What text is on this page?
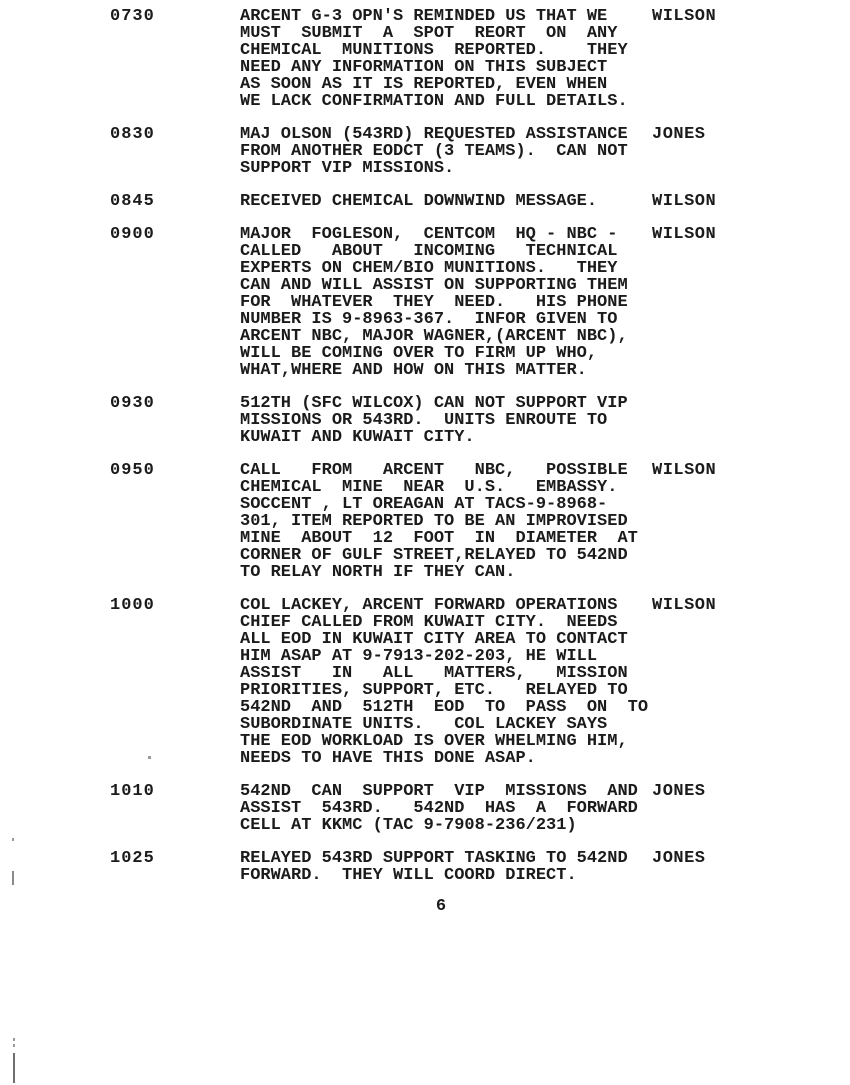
0730	ARCENT G-3 OPN'S REMINDED US THAT WE
MUST  SUBMIT  A  SPOT  REORT  ON  ANY
CHEMICAL  MUNITIONS  REPORTED.    THEY
NEED ANY INFORMATION ON THIS SUBJECT
AS SOON AS IT IS REPORTED, EVEN WHEN
WE LACK CONFIRMATION AND FULL DETAILS.
WILSON
0830	MAJ OLSON (543RD) REQUESTED ASSISTANCE
FROM ANOTHER EODCT (3 TEAMS).  CAN NOT
SUPPORT VIP MISSIONS.
JONES
0845	RECEIVED CHEMICAL DOWNWIND MESSAGE.	WILSON
0900	MAJOR  FOGLESON,  CENTCOM  HQ - NBC -
CALLED   ABOUT   INCOMING   TECHNICAL
EXPERTS ON CHEM/BIO MUNITIONS.   THEY
CAN AND WILL ASSIST ON SUPPORTING THEM
FOR  WHATEVER  THEY  NEED.   HIS PHONE
NUMBER IS 9-8963-367.  INFOR GIVEN TO
ARCENT NBC, MAJOR WAGNER,(ARCENT NBC),
WILL BE COMING OVER TO FIRM UP WHO,
WHAT,WHERE AND HOW ON THIS MATTER.
WILSON
0930	512TH (SFC WILCOX) CAN NOT SUPPORT VIP
MISSIONS OR 543RD.  UNITS ENROUTE TO
KUWAIT AND KUWAIT CITY.
0950	CALL   FROM   ARCENT   NBC,   POSSIBLE
CHEMICAL  MINE  NEAR  U.S.   EMBASSY.
SOCCENT , LT OREAGAN AT TACS-9-8968-
301, ITEM REPORTED TO BE AN IMPROVISED
MINE  ABOUT  12  FOOT  IN  DIAMETER  AT
CORNER OF GULF STREET,RELAYED TO 542ND
TO RELAY NORTH IF THEY CAN.
WILSON
1000	COL LACKEY, ARCENT FORWARD OPERATIONS
CHIEF CALLED FROM KUWAIT CITY.  NEEDS
ALL EOD IN KUWAIT CITY AREA TO CONTACT
HIM ASAP AT 9-7913-202-203, HE WILL
ASSIST   IN   ALL   MATTERS,   MISSION
PRIORITIES, SUPPORT, ETC.   RELAYED TO
542ND  AND  512TH  EOD  TO  PASS  ON  TO
SUBORDINATE UNITS.   COL LACKEY SAYS
THE EOD WORKLOAD IS OVER WHELMING HIM,
NEEDS TO HAVE THIS DONE ASAP.
WILSON
1010	542ND  CAN  SUPPORT  VIP  MISSIONS  AND
ASSIST  543RD.   542ND  HAS  A  FORWARD
CELL AT KKMC (TAC 9-7908-236/231)
JONES
1025	RELAYED 543RD SUPPORT TASKING TO 542ND
FORWARD.  THEY WILL COORD DIRECT.
JONES
6
